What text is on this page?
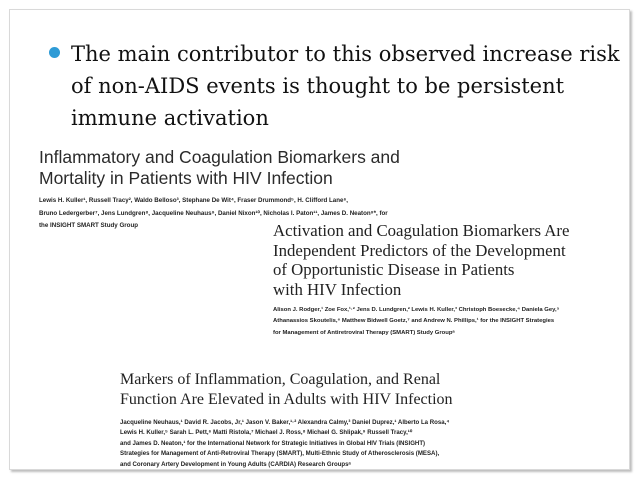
The main contributor to this observed increase risk
of non-AIDS events is thought to be persistent
immune activation
Inflammatory and Coagulation Biomarkers and
Mortality in Patients with HIV Infection
Lewis H. Kuller¹, Russell Tracy², Waldo Belloso³, Stephane De Wit⁴, Fraser Drummond⁵, H. Clifford Lane⁶,
Bruno Ledergerber⁷, Jens Lundgren⁸, Jacqueline Neuhaus⁹, Daniel Nixon¹⁰, Nicholas I. Paton¹¹, James D. Neaton⁹*, for
the INSIGHT SMART Study Group	Activation and Coagulation Biomarkers Are
Independent Predictors of the Development
of Opportunistic Disease in Patients
with HIV Infection
Alison J. Rodger,¹ Zoe Fox,¹·² Jens D. Lundgren,² Lewis H. Kuller,³ Christoph Boesecke,⁴ Daniela Gey,⁵
Athanassios Skoutelis,⁶ Matthew Bidwell Goetz,⁷ and Andrew N. Phillips,¹ for the INSIGHT Strategies
for Management of Antiretroviral Therapy (SMART) Study Groupᵃ
Markers of Inflammation, Coagulation, and Renal
Function Are Elevated in Adults with HIV Infection
Jacqueline Neuhaus,¹ David R. Jacobs, Jr,¹ Jason V. Baker,¹·² Alexandra Calmy,³ Daniel Duprez,¹ Alberto La Rosa,⁴
Lewis H. Kuller,⁵ Sarah L. Pett,⁶ Matti Ristola,⁷ Michael J. Ross,⁸ Michael G. Shlipak,⁹ Russell Tracy,¹⁰
and James D. Neaton,¹ for the International Network for Strategic Initiatives in Global HIV Trials (INSIGHT)
Strategies for Management of Anti-Retroviral Therapy (SMART), Multi-Ethnic Study of Atherosclerosis (MESA),
and Coronary Artery Development in Young Adults (CARDIA) Research Groupsᵃ
